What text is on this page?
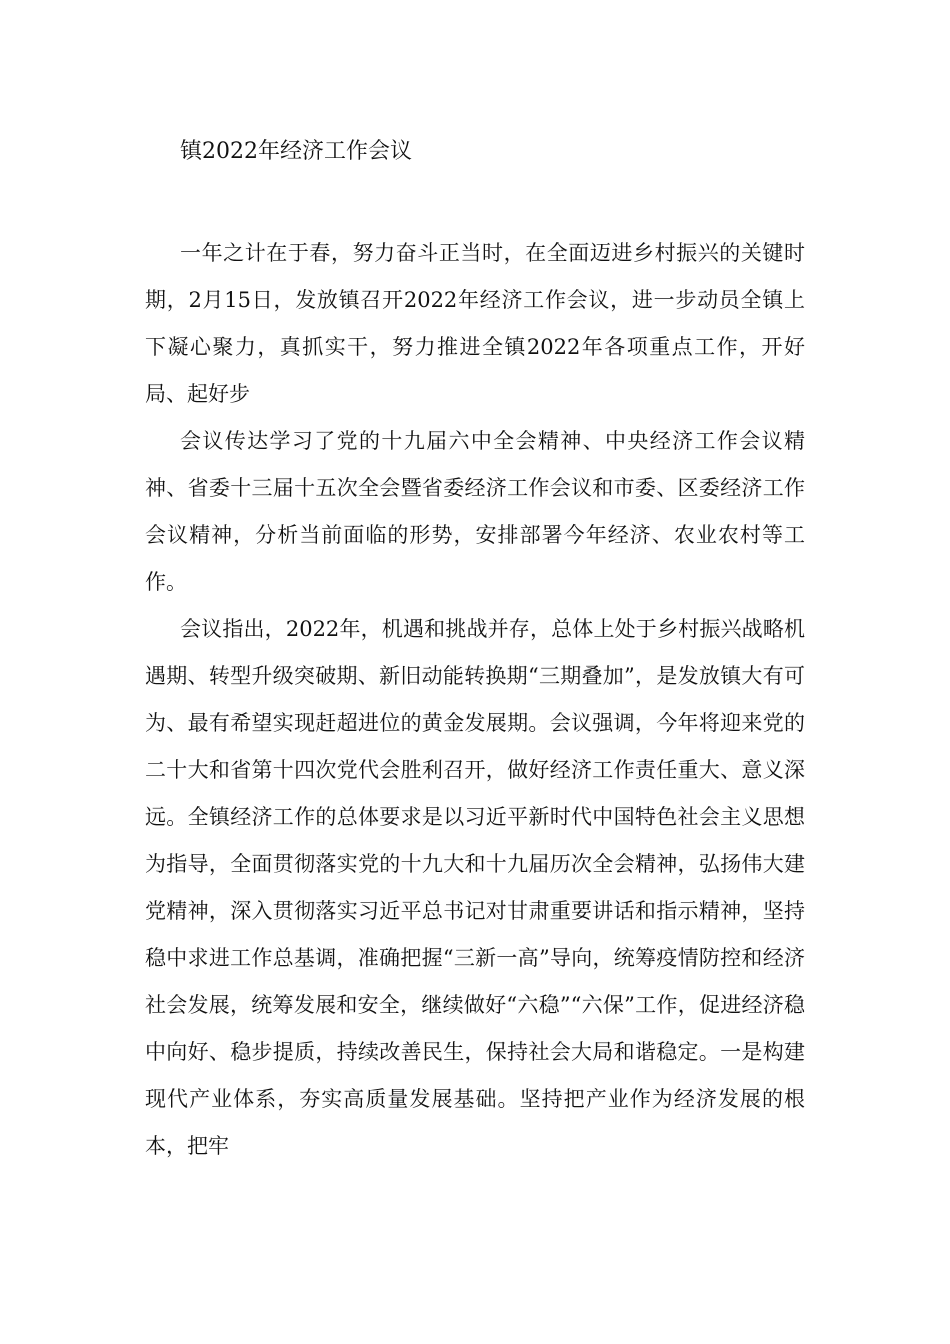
镇2022年经济工作会议

一年之计在于春，努力奋斗正当时，在全面迈进乡村振兴的关键时期，2月15日，发放镇召开2022年经济工作会议，进一步动员全镇上下凝心聚力，真抓实干，努力推进全镇2022年各项重点工作，开好局、起好步

会议传达学习了党的十九届六中全会精神、中央经济工作会议精神、省委十三届十五次全会暨省委经济工作会议和市委、区委经济工作会议精神，分析当前面临的形势，安排部署今年经济、农业农村等工作。

会议指出，2022年，机遇和挑战并存，总体上处于乡村振兴战略机遇期、转型升级突破期、新旧动能转换期“三期叠加”，是发放镇大有可为、最有希望实现赶超进位的黄金发展期。会议强调，今年将迎来党的二十大和省第十四次党代会胜利召开，做好经济工作责任重大、意义深远。全镇经济工作的总体要求是以习近平新时代中国特色社会主义思想为指导，全面贯彻落实党的十九大和十九届历次全会精神，弘扬伟大建党精神，深入贯彻落实习近平总书记对甘肃重要讲话和指示精神，坚持稳中求进工作总基调，准确把握“三新一高”导向，统筹疫情防控和经济社会发展，统筹发展和安全，继续做好“六稳”“六保”工作，促进经济稳中向好、稳步提质，持续改善民生，保持社会大局和谐稳定。一是构建现代产业体系，夯实高质量发展基础。坚持把产业作为经济发展的根本，把牢
